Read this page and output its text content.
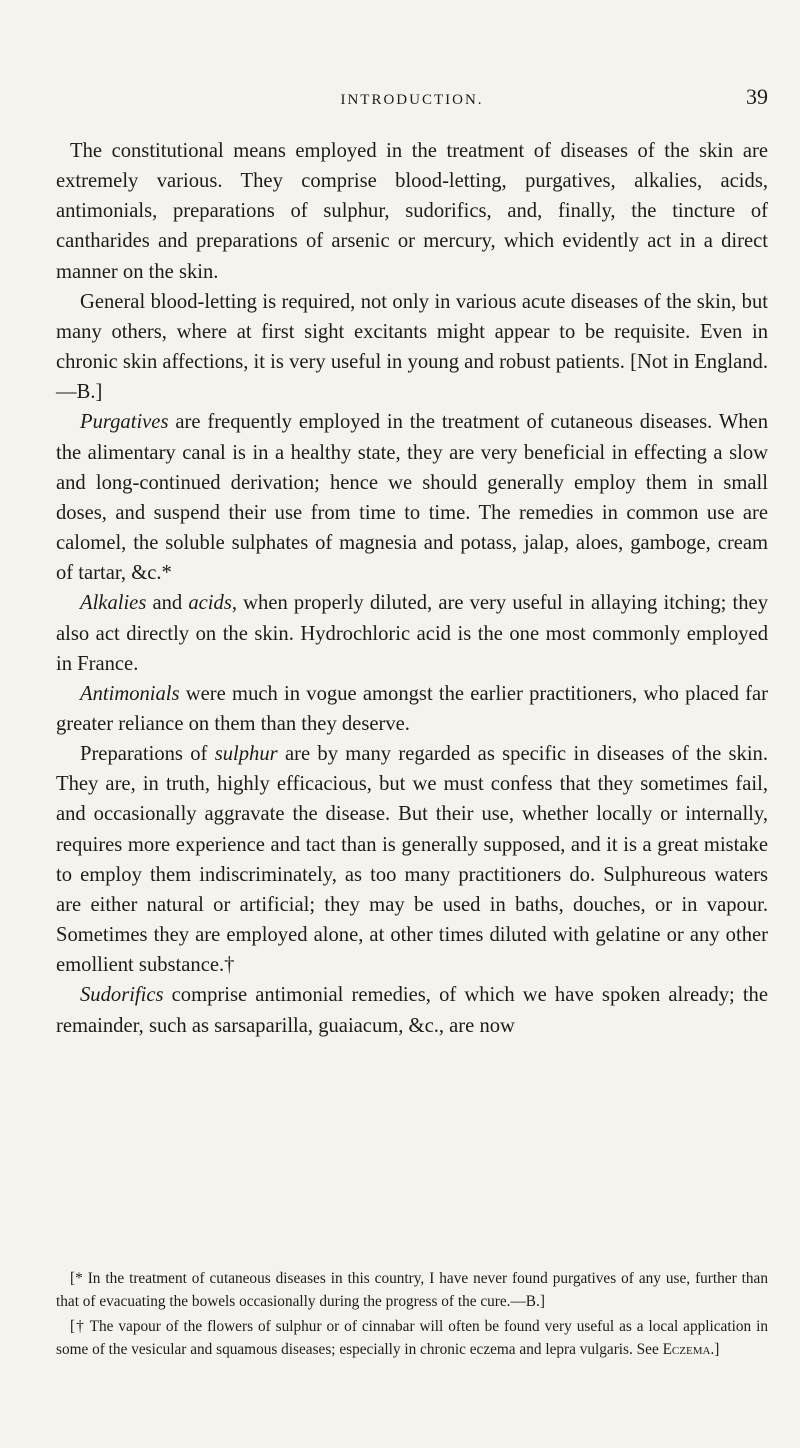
INTRODUCTION.	39

The constitutional means employed in the treatment of diseases of the skin are extremely various. They comprise blood-letting, purgatives, alkalies, acids, antimonials, preparations of sulphur, sudorifics, and, finally, the tincture of cantharides and preparations of arsenic or mercury, which evidently act in a direct manner on the skin.

General blood-letting is required, not only in various acute diseases of the skin, but many others, where at first sight excitants might appear to be requisite. Even in chronic skin affections, it is very useful in young and robust patients. [Not in England.—B.]

Purgatives are frequently employed in the treatment of cutaneous diseases. When the alimentary canal is in a healthy state, they are very beneficial in effecting a slow and long-continued derivation; hence we should generally employ them in small doses, and suspend their use from time to time. The remedies in common use are calomel, the soluble sulphates of magnesia and potass, jalap, aloes, gamboge, cream of tartar, &c.*

Alkalies and acids, when properly diluted, are very useful in allaying itching; they also act directly on the skin. Hydrochloric acid is the one most commonly employed in France.

Antimonials were much in vogue amongst the earlier practitioners, who placed far greater reliance on them than they deserve.

Preparations of sulphur are by many regarded as specific in diseases of the skin. They are, in truth, highly efficacious, but we must confess that they sometimes fail, and occasionally aggravate the disease. But their use, whether locally or internally, requires more experience and tact than is generally supposed, and it is a great mistake to employ them indiscriminately, as too many practitioners do. Sulphureous waters are either natural or artificial; they may be used in baths, douches, or in vapour. Sometimes they are employed alone, at other times diluted with gelatine or any other emollient substance.†

Sudorifics comprise antimonial remedies, of which we have spoken already; the remainder, such as sarsaparilla, guaiacum, &c., are now

[* In the treatment of cutaneous diseases in this country, I have never found purgatives of any use, further than that of evacuating the bowels occasionally during the progress of the cure.—B.]

[† The vapour of the flowers of sulphur or of cinnabar will often be found very useful as a local application in some of the vesicular and squamous diseases; especially in chronic eczema and lepra vulgaris. See Eczema.]
